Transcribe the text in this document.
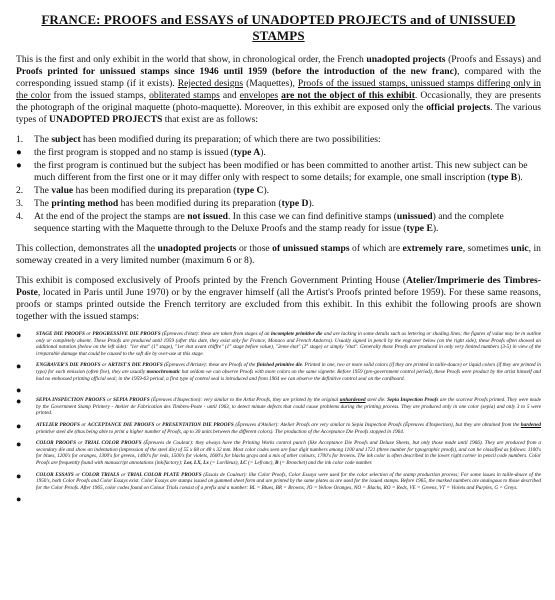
FRANCE: PROOFS and ESSAYS of UNADOPTED PROJECTS and of UNISSUED STAMPS

This is the first and only exhibit in the world that show, in chronological order, the French unadopted projects (Proofs and Essays) and Proofs printed for unissued stamps since 1946 until 1959 (before the introduction of the new franc), compared with the corresponding issued stamp (if it exists). Rejected designs (Maquettes), Proofs of the issued stamps, unissued stamps differing only in the color from the issued stamps, obliterated stamps and envelopes are not the object of this exhibit. Occasionally, they are presents the photograph of the original maquette (photo-maquette). Moreover, in this exhibit are exposed only the official projects. The various types of UNADOPTED PROJECTS that exist are as follows:

1. The subject has been modified during its preparation; of which there are two possibilities:
● the first program is stopped and no stamp is issued (type A).
● the first program is continued but the subject has been modified or has been committed to another artist. This new subject can be much different from the first one or it may differ only with respect to some details; for example, one small inscription (type B).
2. The value has been modified during its preparation (type C).
3. The printing method has been modified during its preparation (type D).
4. At the end of the project the stamps are not issued. In this case we can find definitive stamps (unissued) and the complete sequence starting with the Maquette through to the Deluxe Proofs and the stamp ready for issue (type E).

This collection, demonstrates all the unadopted projects or those of unissued stamps of which are extremely rare, sometimes unic, in someway created in a very limited number (maximum 6 or 8).

This exhibit is composed exclusively of Proofs printed by the French Government Printing House (Atelier/Imprimerie des Timbres-Poste, located in Paris until June 1970) or by the engraver himself (all the Artist's Proofs printed before 1959). For these same reasons, proofs or stamps printed outside the French territory are excluded from this exhibit. In this exhibit the following proofs are shown together with the issued stamps:

●	STAGE DIE PROOFS or PROGRESSIVE DIE PROOFS (Épreuves d'état): these are taken from stages of an incomplete primitive die and are lacking in some details such as lettering or shading lines; the figures of value may be in outline only or completely absent. These Proofs are produced until 1959 (after this date, they exist only for France, Monaco and French Andorra). Usually signed in pencil by the engraver below (on the right side), these Proofs often showed an additional notation (below on the left side): "1er état" (1° stage), "1er état avant chiffre" (1° stage before value), "2eme état" (2° stage) or simply "état". Generally these Proofs are produced in only very limited numbers (3-5) in view of the irreparable damage that could be caused to the soft die by over-use at this stage.
●	ENGRAVER'S DIE PROOFS or ARTIST'S DIE PROOFS (Épreuves d'Artiste): these are Proofs of the finished primitive die. Printed in one, two or more solid colors (if they are printed in taille-douce) or liquid colors (if they are printed in typo) for each emission (often five), they are usually monochromatic but seldom we can observe Proofs with more colors on the same vignette. Before 1959 (pre-government control period), these Proofs were product by the artist himself and had no embossed printing official seal; in the 1959-63 period, a first type of control seal is introduced and from 1964 we can observe the definitive control seal on the cardboard.
●
●	SEPIA INSPECTION PROOFS or SEPIA PROOFS (Épreuves d'Inspection): very similar to the Artist Proofs, they are printed by the original unhardened steel die. Sepia Inspection Proofs are the scarcest Proofs printed. They were made by the Government Stamp Printery - Atelier de Fabrication des Timbres-Poste - until 1963, to detect minute defects that could cause problems during the printing process. They are produced only in one color (sepia) and only 3 to 5 were printed.
●	ATELIER PROOFS or ACCEPTANCE DIE PROOFS or PRESENTATION DIE PROOFS (Épreuves d'Atelier): Atelier Proofs are very similar to Sepia Inspection Proofs (Épreuves d'Inspection), but they are obtained from the hardened primitive steel die (thus being able to print a higher number of Proofs, up to 30 units between the different colors). The production of the Acceptance Die Proofs stopped in 1964.
●	COLOR PROOFS or TRIAL COLOR PROOFS (Épreuves de Couleur): they always have the Printing Works control punch (like Acceptance Die Proofs and Deluxe Sheets, but only those made until 1966). They are produced from a secondary die and show an indentation (impression of the steel die) of 55 x 68 or 48 x 32 mm. Most color codes seen are four digit numbers among 1100 and 1721 (three number for typographic proofs), and can be classified as follows: 1100's for blues, 1200's for oranges, 1300's for greens, 1400's for reds, 1500's for violets, 1600's for blacks grays and a mix of other colours, 1700's for browns. The ink color is often described in the lower right corner in pencil code numbers. Color Proofs are frequently found with manuscript annotations (ink/factory): Lor, LX, Lx (= Lorilleux), LC (= Lefranc), B (= Bronchet) and the ink color code number.
●	COLOR ESSAYS or COLOR TRIALS or TRIAL COLOR PLATE PROOFS (Essais de Couleur): like Color Proofs, Color Essays were used for the color selection of the stamp production process; For some issues in taille-douce of the 1950's, both Color Proofs and Color Essays exist. Color Essays are stamps issued on gummed sheet form and are printed by the same plates as are used for the issued stamps. Before 1965, the marked numbers are analogous to those described for the Color Proofs. After 1965, color codes found on Colour Trials consist of a prefix and a number: BL = Blues, BR = Browns, JO = Yellow Oranges, NO = Blacks, RO = Reds, VE = Greens, VT = Violets and Purples, G = Greys.
●
